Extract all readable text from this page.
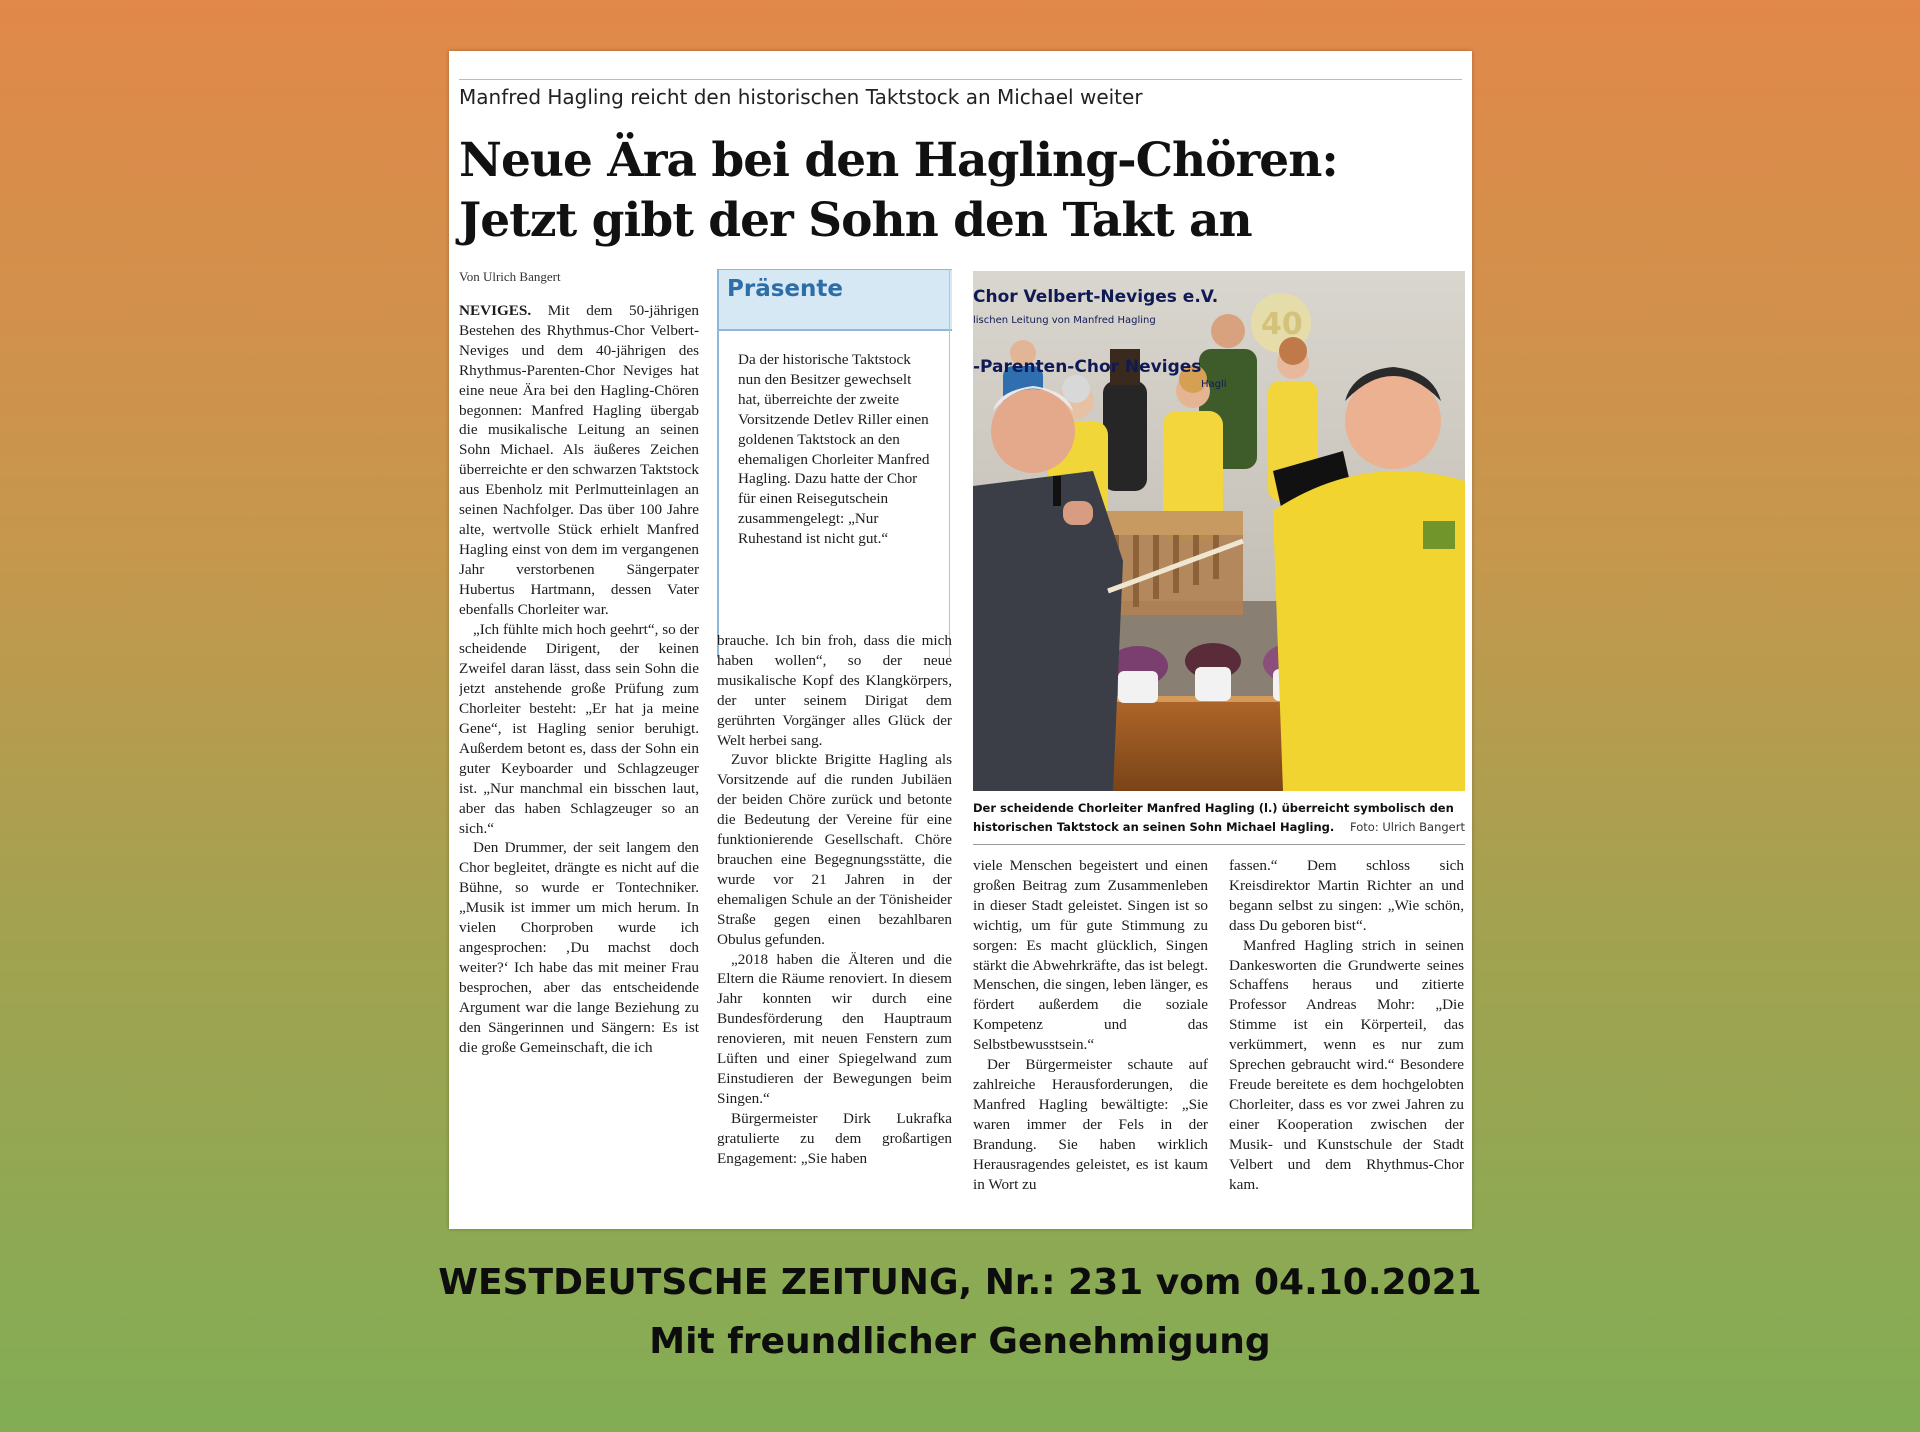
Manfred Hagling reicht den historischen Taktstock an Michael weiter
Neue Ära bei den Hagling-Chören:
Jetzt gibt der Sohn den Takt an
Von Ulrich Bangert

NEVIGES. Mit dem 50-jährigen Bestehen des Rhythmus-Chor Velbert-Neviges und dem 40-jährigen des Rhythmus-Parenten-Chor Neviges hat eine neue Ära bei den Hagling-Chören begonnen: Manfred Hagling übergab die musikalische Leitung an seinen Sohn Michael. Als äußeres Zeichen überreichte er den schwarzen Taktstock aus Ebenholz mit Perlmutteinlagen an seinen Nachfolger. Das über 100 Jahre alte, wertvolle Stück erhielt Manfred Hagling einst von dem im vergangenen Jahr verstorbenen Sängerpater Hubertus Hartmann, dessen Vater ebenfalls Chorleiter war.

„Ich fühlte mich hoch geehrt“, so der scheidende Dirigent, der keinen Zweifel daran lässt, dass sein Sohn die jetzt anstehende große Prüfung zum Chorleiter besteht: „Er hat ja meine Gene“, ist Hagling senior beruhigt. Außerdem betont es, dass der Sohn ein guter Keyboarder und Schlagzeuger ist. „Nur manchmal ein bisschen laut, aber das haben Schlagzeuger so an sich.“

Den Drummer, der seit langem den Chor begleitet, drängte es nicht auf die Bühne, so wurde er Tontechniker. „Musik ist immer um mich herum. In vielen Chorproben wurde ich angesprochen: ‚Du machst doch weiter?‘ Ich habe das mit meiner Frau besprochen, aber das entscheidende Argument war die lange Beziehung zu den Sängerinnen und Sängern: Es ist die große Gemeinschaft, die ich

Präsente
Da der historische Taktstock nun den Besitzer gewechselt hat, überreichte der zweite Vorsitzende Detlev Riller einen goldenen Taktstock an den ehemaligen Chorleiter Manfred Hagling. Dazu hatte der Chor für einen Reisegutschein zusammengelegt: „Nur Ruhestand ist nicht gut.“

brauche. Ich bin froh, dass die mich haben wollen“, so der neue musikalische Kopf des Klangkörpers, der unter seinem Dirigat dem gerührten Vorgänger alles Glück der Welt herbei sang.

Zuvor blickte Brigitte Hagling als Vorsitzende auf die runden Jubiläen der beiden Chöre zurück und betonte die Bedeutung der Vereine für eine funktionierende Gesellschaft. Chöre brauchen eine Begegnungsstätte, die wurde vor 21 Jahren in der ehemaligen Schule an der Tönisheider Straße gegen einen bezahlbaren Obulus gefunden.

„2018 haben die Älteren und die Eltern die Räume renoviert. In diesem Jahr konnten wir durch eine Bundesförderung den Hauptraum renovieren, mit neuen Fenstern zum Lüften und einer Spiegelwand zum Einstudieren der Bewegungen beim Singen.“

Bürgermeister Dirk Lukrafka gratulierte zu dem großartigen Engagement: „Sie haben

Chor Velbert-Neviges e.V.
lischen Leitung von Manfred Hagling
-Parenten-Chor Neviges
Hagli
40
Der scheidende Chorleiter Manfred Hagling (l.) überreicht symbolisch den historischen Taktstock an seinen Sohn Michael Hagling. Foto: Ulrich Bangert

viele Menschen begeistert und einen großen Beitrag zum Zusammenleben in dieser Stadt geleistet. Singen ist so wichtig, um für gute Stimmung zu sorgen: Es macht glücklich, Singen stärkt die Abwehrkräfte, das ist belegt. Menschen, die singen, leben länger, es fördert außerdem die soziale Kompetenz und das Selbstbewusstsein.“

Der Bürgermeister schaute auf zahlreiche Herausforderungen, die Manfred Hagling bewältigte: „Sie waren immer der Fels in der Brandung. Sie haben wirklich Herausragendes geleistet, es ist kaum in Wort zu

fassen.“ Dem schloss sich Kreisdirektor Martin Richter an und begann selbst zu singen: „Wie schön, dass Du geboren bist“.

Manfred Hagling strich in seinen Dankesworten die Grundwerte seines Schaffens heraus und zitierte Professor Andreas Mohr: „Die Stimme ist ein Körperteil, das verkümmert, wenn es nur zum Sprechen gebraucht wird.“ Besondere Freude bereitete es dem hochgelobten Chorleiter, dass es vor zwei Jahren zu einer Kooperation zwischen der Musik- und Kunstschule der Stadt Velbert und dem Rhythmus-Chor kam.

WESTDEUTSCHE ZEITUNG, Nr.: 231 vom 04.10.2021
Mit freundlicher Genehmigung
